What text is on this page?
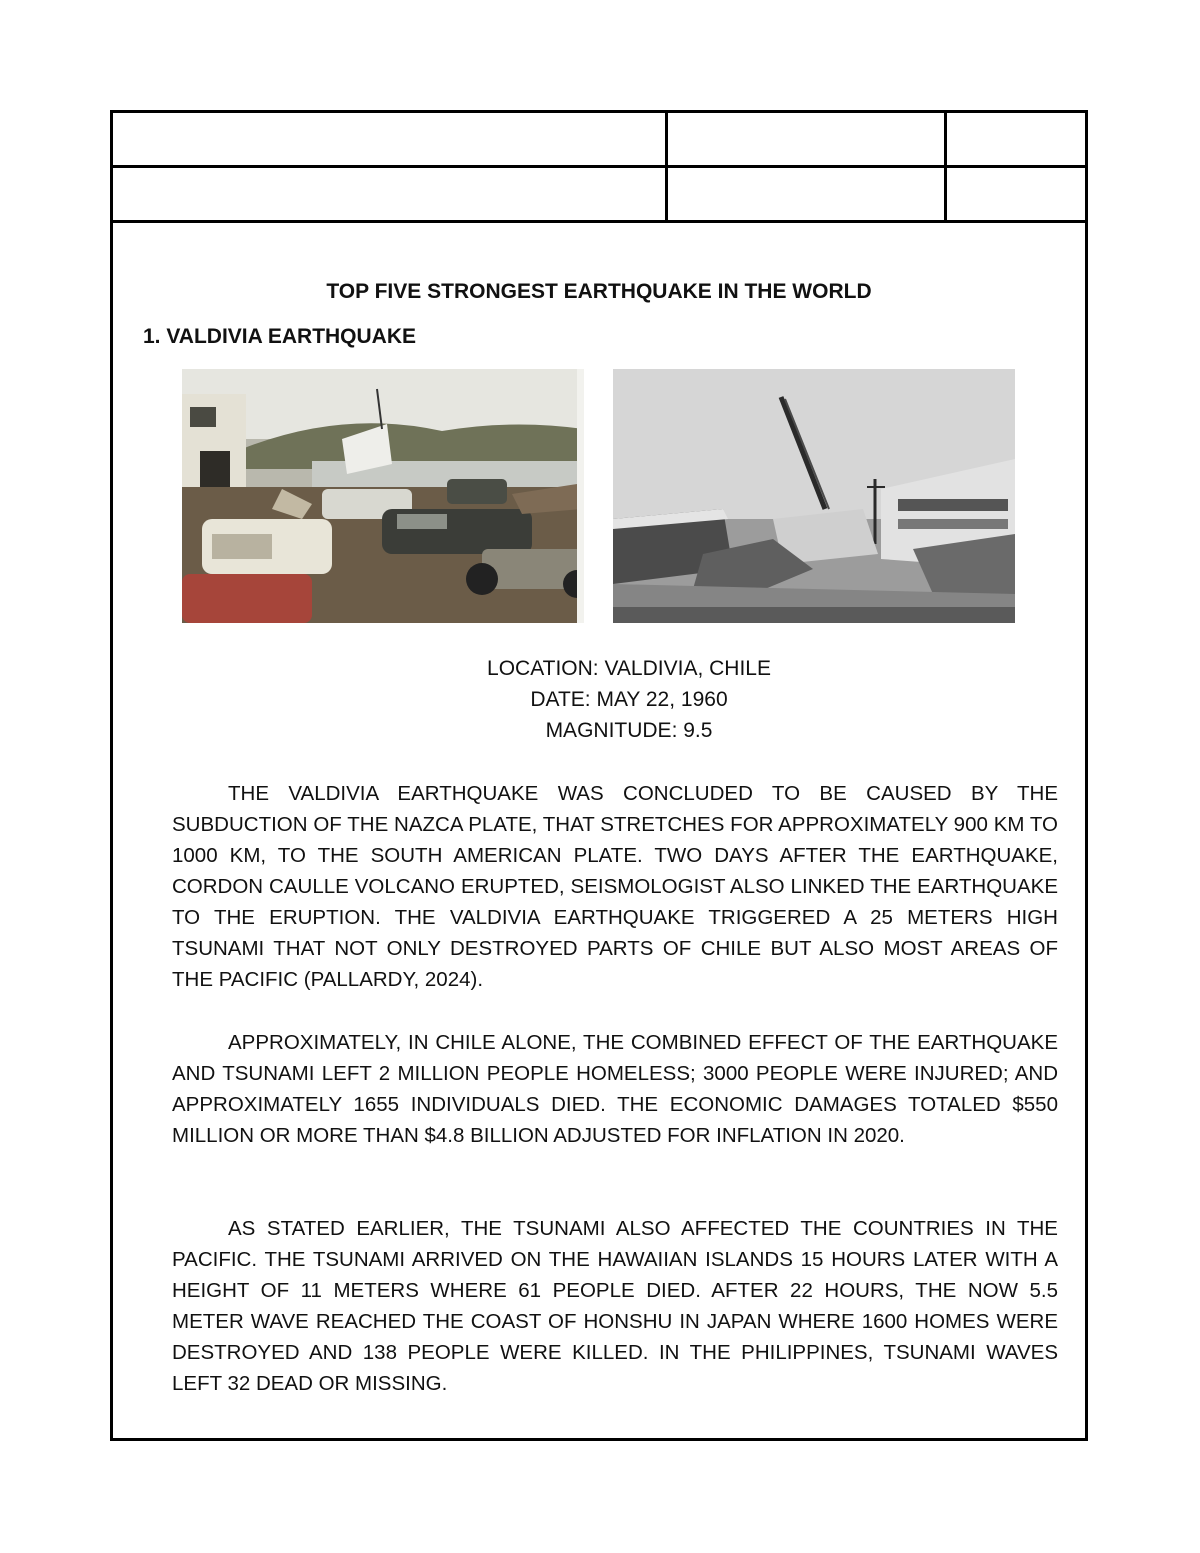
TOP FIVE STRONGEST EARTHQUAKE IN THE WORLD
1. VALDIVIA EARTHQUAKE
LOCATION: VALDIVIA, CHILE
DATE: MAY 22, 1960
MAGNITUDE: 9.5

THE VALDIVIA EARTHQUAKE WAS CONCLUDED TO BE CAUSED BY THE SUBDUCTION OF THE NAZCA PLATE, THAT STRETCHES FOR APPROXIMATELY 900 KM TO 1000 KM, TO THE SOUTH AMERICAN PLATE. TWO DAYS AFTER THE EARTHQUAKE, CORDON CAULLE VOLCANO ERUPTED, SEISMOLOGIST ALSO LINKED THE EARTHQUAKE TO THE ERUPTION. THE VALDIVIA EARTHQUAKE TRIGGERED A 25 METERS HIGH TSUNAMI THAT NOT ONLY DESTROYED PARTS OF CHILE BUT ALSO MOST AREAS OF THE PACIFIC (PALLARDY, 2024).

APPROXIMATELY, IN CHILE ALONE, THE COMBINED EFFECT OF THE EARTHQUAKE AND TSUNAMI LEFT 2 MILLION PEOPLE HOMELESS; 3000 PEOPLE WERE INJURED; AND APPROXIMATELY 1655 INDIVIDUALS DIED. THE ECONOMIC DAMAGES TOTALED $550 MILLION OR MORE THAN $4.8 BILLION ADJUSTED FOR INFLATION IN 2020.

AS STATED EARLIER, THE TSUNAMI ALSO AFFECTED THE COUNTRIES IN THE PACIFIC. THE TSUNAMI ARRIVED ON THE HAWAIIAN ISLANDS 15 HOURS LATER WITH A HEIGHT OF 11 METERS WHERE 61 PEOPLE DIED. AFTER 22 HOURS, THE NOW 5.5 METER WAVE REACHED THE COAST OF HONSHU IN JAPAN WHERE 1600 HOMES WERE DESTROYED AND 138 PEOPLE WERE KILLED. IN THE PHILIPPINES, TSUNAMI WAVES LEFT 32 DEAD OR MISSING.
